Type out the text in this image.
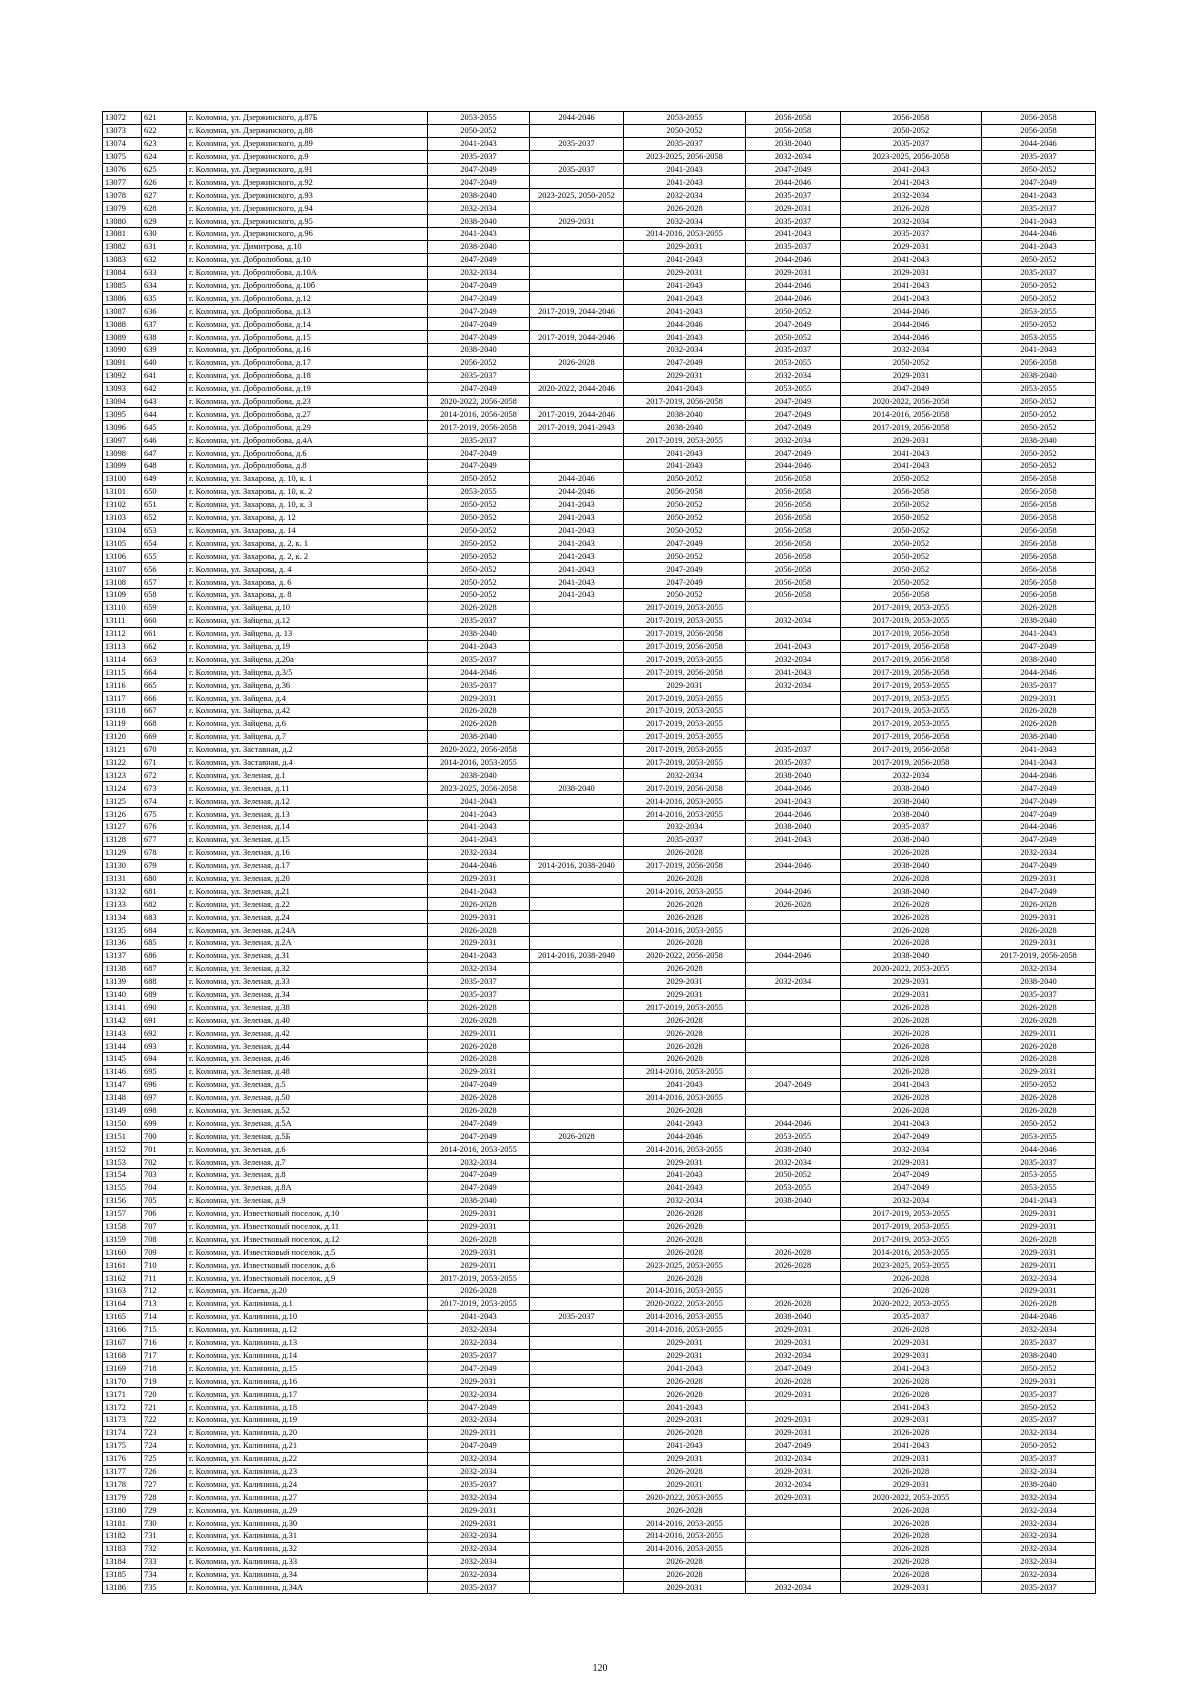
13072	621	г. Коломна, ул. Дзержинского, д.87Б	2053-2055	2044-2046	2053-2055	2056-2058	2056-2058	2056-2058
13073	622	г. Коломна, ул. Дзержинского, д.88	2050-2052		2050-2052	2056-2058	2050-2052	2056-2058
13074	623	г. Коломна, ул. Дзержинского, д.89	2041-2043	2035-2037	2035-2037	2038-2040	2035-2037	2044-2046
13075	624	г. Коломна, ул. Дзержинского, д.9	2035-2037		2023-2025, 2056-2058	2032-2034	2023-2025, 2056-2058	2035-2037
13076	625	г. Коломна, ул. Дзержинского, д.91	2047-2049	2035-2037	2041-2043	2047-2049	2041-2043	2050-2052
13077	626	г. Коломна, ул. Дзержинского, д.92	2047-2049		2041-2043	2044-2046	2041-2043	2047-2049
13078	627	г. Коломна, ул. Дзержинского, д.93	2038-2040	2023-2025, 2050-2052	2032-2034	2035-2037	2032-2034	2041-2043
13079	628	г. Коломна, ул. Дзержинского, д.94	2032-2034		2026-2028	2029-2031	2026-2028	2035-2037
13080	629	г. Коломна, ул. Дзержинского, д.95	2038-2040	2029-2031	2032-2034	2035-2037	2032-2034	2041-2043
13081	630	г. Коломна, ул. Дзержинского, д.96	2041-2043		2014-2016, 2053-2055	2041-2043	2035-2037	2044-2046
13082	631	г. Коломна, ул. Димитрова, д.10	2038-2040		2029-2031	2035-2037	2029-2031	2041-2043
13083	632	г. Коломна, ул. Добролюбова, д.10	2047-2049		2041-2043	2044-2046	2041-2043	2050-2052
13084	633	г. Коломна, ул. Добролюбова, д.10А	2032-2034		2029-2031	2029-2031	2029-2031	2035-2037
13085	634	г. Коломна, ул. Добролюбова, д.10б	2047-2049		2041-2043	2044-2046	2041-2043	2050-2052
13086	635	г. Коломна, ул. Добролюбова, д.12	2047-2049		2041-2043	2044-2046	2041-2043	2050-2052
13087	636	г. Коломна, ул. Добролюбова, д.13	2047-2049	2017-2019, 2044-2046	2041-2043	2050-2052	2044-2046	2053-2055
13088	637	г. Коломна, ул. Добролюбова, д.14	2047-2049		2044-2046	2047-2049	2044-2046	2050-2052
13089	638	г. Коломна, ул. Добролюбова, д.15	2047-2049	2017-2019, 2044-2046	2041-2043	2050-2052	2044-2046	2053-2055
13090	639	г. Коломна, ул. Добролюбова, д.16	2038-2040		2032-2034	2035-2037	2032-2034	2041-2043
13091	640	г. Коломна, ул. Добролюбова, д.17	2056-2052	2026-2028	2047-2049	2053-2055	2050-2052	2056-2058
13092	641	г. Коломна, ул. Добролюбова, д.18	2035-2037		2029-2031	2032-2034	2029-2031	2038-2040
13093	642	г. Коломна, ул. Добролюбова, д.19	2047-2049	2020-2022, 2044-2046	2041-2043	2053-2055	2047-2049	2053-2055
13094	643	г. Коломна, ул. Добролюбова, д.23	2020-2022, 2056-2058		2017-2019, 2056-2058	2047-2049	2020-2022, 2056-2058	2050-2052
13095	644	г. Коломна, ул. Добролюбова, д.27	2014-2016, 2056-2058	2017-2019, 2044-2046	2038-2040	2047-2049	2014-2016, 2056-2058	2050-2052
13096	645	г. Коломна, ул. Добролюбова, д.29	2017-2019, 2056-2058	2017-2019, 2041-2043	2038-2040	2047-2049	2017-2019, 2056-2058	2050-2052
13097	646	г. Коломна, ул. Добролюбова, д.4А	2035-2037		2017-2019, 2053-2055	2032-2034	2029-2031	2038-2040
13098	647	г. Коломна, ул. Добролюбова, д.6	2047-2049		2041-2043	2047-2049	2041-2043	2050-2052
13099	648	г. Коломна, ул. Добролюбова, д.8	2047-2049		2041-2043	2044-2046	2041-2043	2050-2052
13100	649	г. Коломна, ул. Захарова, д. 10, к. 1	2050-2052	2044-2046	2050-2052	2056-2058	2050-2052	2056-2058
13101	650	г. Коломна, ул. Захарова, д. 10, к. 2	2053-2055	2044-2046	2056-2058	2056-2058	2056-2058	2056-2058
13102	651	г. Коломна, ул. Захарова, д. 10, к. 3	2050-2052	2041-2043	2050-2052	2056-2058	2050-2052	2056-2058
13103	652	г. Коломна, ул. Захарова, д. 12	2050-2052	2041-2043	2050-2052	2056-2058	2050-2052	2056-2058
13104	653	г. Коломна, ул. Захарова, д. 14	2050-2052	2041-2043	2050-2052	2056-2058	2050-2052	2056-2058
13105	654	г. Коломна, ул. Захарова, д. 2, к. 1	2050-2052	2041-2043	2047-2049	2056-2058	2050-2052	2056-2058
13106	655	г. Коломна, ул. Захарова, д. 2, к. 2	2050-2052	2041-2043	2050-2052	2056-2058	2050-2052	2056-2058
13107	656	г. Коломна, ул. Захарова, д. 4	2050-2052	2041-2043	2047-2049	2056-2058	2050-2052	2056-2058
13108	657	г. Коломна, ул. Захарова, д. 6	2050-2052	2041-2043	2047-2049	2056-2058	2050-2052	2056-2058
13109	658	г. Коломна, ул. Захарова, д. 8	2050-2052	2041-2043	2050-2052	2056-2058	2056-2058	2056-2058
13110	659	г. Коломна, ул. Зайцева, д.10	2026-2028		2017-2019, 2053-2055		2017-2019, 2053-2055	2026-2028
13111	660	г. Коломна, ул. Зайцева, д.12	2035-2037		2017-2019, 2053-2055	2032-2034	2017-2019, 2053-2055	2038-2040
13112	661	г. Коломна, ул. Зайцева, д. 13	2038-2040		2017-2019, 2056-2058		2017-2019, 2056-2058	2041-2043
13113	662	г. Коломна, ул. Зайцева, д.19	2041-2043		2017-2019, 2056-2058	2041-2043	2017-2019, 2056-2058	2047-2049
13114	663	г. Коломна, ул. Зайцева, д.20а	2035-2037		2017-2019, 2053-2055	2032-2034	2017-2019, 2056-2058	2038-2040
13115	664	г. Коломна, ул. Зайцева, д.3/5	2044-2046		2017-2019, 2056-2058	2041-2043	2017-2019, 2056-2058	2044-2046
13116	665	г. Коломна, ул. Зайцева, д.36	2035-2037		2029-2031	2032-2034	2017-2019, 2053-2055	2035-2037
13117	666	г. Коломна, ул. Зайцева, д.4	2029-2031		2017-2019, 2053-2055		2017-2019, 2053-2055	2029-2031
13118	667	г. Коломна, ул. Зайцева, д.42	2026-2028		2017-2019, 2053-2055		2017-2019, 2053-2055	2026-2028
13119	668	г. Коломна, ул. Зайцева, д.6	2026-2028		2017-2019, 2053-2055		2017-2019, 2053-2055	2026-2028
13120	669	г. Коломна, ул. Зайцева, д.7	2038-2040		2017-2019, 2053-2055		2017-2019, 2056-2058	2038-2040
13121	670	г. Коломна, ул. Заставная, д.2	2020-2022, 2056-2058		2017-2019, 2053-2055	2035-2037	2017-2019, 2056-2058	2041-2043
13122	671	г. Коломна, ул. Заставная, д.4	2014-2016, 2053-2055		2017-2019, 2053-2055	2035-2037	2017-2019, 2056-2058	2041-2043
13123	672	г. Коломна, ул. Зеленая, д.1	2038-2040		2032-2034	2038-2040	2032-2034	2044-2046
13124	673	г. Коломна, ул. Зеленая, д.11	2023-2025, 2056-2058	2038-2040	2017-2019, 2056-2058	2044-2046	2038-2040	2047-2049
13125	674	г. Коломна, ул. Зеленая, д.12	2041-2043		2014-2016, 2053-2055	2041-2043	2038-2040	2047-2049
13126	675	г. Коломна, ул. Зеленая, д.13	2041-2043		2014-2016, 2053-2055	2044-2046	2038-2040	2047-2049
13127	676	г. Коломна, ул. Зеленая, д.14	2041-2043		2032-2034	2038-2040	2035-2037	2044-2046
13128	677	г. Коломна, ул. Зеленая, д.15	2041-2043		2035-2037	2041-2043	2038-2040	2047-2049
13129	678	г. Коломна, ул. Зеленая, д.16	2032-2034		2026-2028		2026-2028	2032-2034
13130	679	г. Коломна, ул. Зеленая, д.17	2044-2046	2014-2016, 2038-2040	2017-2019, 2056-2058	2044-2046	2038-2040	2047-2049
13131	680	г. Коломна, ул. Зеленая, д.20	2029-2031		2026-2028		2026-2028	2029-2031
13132	681	г. Коломна, ул. Зеленая, д.21	2041-2043		2014-2016, 2053-2055	2044-2046	2038-2040	2047-2049
13133	682	г. Коломна, ул. Зеленая, д.22	2026-2028		2026-2028	2026-2028	2026-2028	2026-2028
13134	683	г. Коломна, ул. Зеленая, д.24	2029-2031		2026-2028		2026-2028	2029-2031
13135	684	г. Коломна, ул. Зеленая, д.24А	2026-2028		2014-2016, 2053-2055		2026-2028	2026-2028
13136	685	г. Коломна, ул. Зеленая, д.2А	2029-2031		2026-2028		2026-2028	2029-2031
13137	686	г. Коломна, ул. Зеленая, д.31	2041-2043	2014-2016, 2038-2040	2020-2022, 2056-2058	2044-2046	2038-2040	2017-2019, 2056-2058
13138	687	г. Коломна, ул. Зеленая, д.32	2032-2034		2026-2028		2020-2022, 2053-2055	2032-2034
13139	688	г. Коломна, ул. Зеленая, д.33	2035-2037		2029-2031	2032-2034	2029-2031	2038-2040
13140	689	г. Коломна, ул. Зеленая, д.34	2035-2037		2029-2031		2029-2031	2035-2037
13141	690	г. Коломна, ул. Зеленая, д.38	2026-2028		2017-2019, 2053-2055		2026-2028	2026-2028
13142	691	г. Коломна, ул. Зеленая, д.40	2026-2028		2026-2028		2026-2028	2026-2028
13143	692	г. Коломна, ул. Зеленая, д.42	2029-2031		2026-2028		2026-2028	2029-2031
13144	693	г. Коломна, ул. Зеленая, д.44	2026-2028		2026-2028		2026-2028	2026-2028
13145	694	г. Коломна, ул. Зеленая, д.46	2026-2028		2026-2028		2026-2028	2026-2028
13146	695	г. Коломна, ул. Зеленая, д.48	2029-2031		2014-2016, 2053-2055		2026-2028	2029-2031
13147	696	г. Коломна, ул. Зеленая, д.5	2047-2049		2041-2043	2047-2049	2041-2043	2050-2052
13148	697	г. Коломна, ул. Зеленая, д.50	2026-2028		2014-2016, 2053-2055		2026-2028	2026-2028
13149	698	г. Коломна, ул. Зеленая, д.52	2026-2028		2026-2028		2026-2028	2026-2028
13150	699	г. Коломна, ул. Зеленая, д.5А	2047-2049		2041-2043	2044-2046	2041-2043	2050-2052
13151	700	г. Коломна, ул. Зеленая, д.5Б	2047-2049	2026-2028	2044-2046	2053-2055	2047-2049	2053-2055
13152	701	г. Коломна, ул. Зеленая, д.6	2014-2016, 2053-2055		2014-2016, 2053-2055	2038-2040	2032-2034	2044-2046
13153	702	г. Коломна, ул. Зеленая, д.7	2032-2034		2029-2031	2032-2034	2029-2031	2035-2037
13154	703	г. Коломна, ул. Зеленая, д.8	2047-2049		2041-2043	2050-2052	2047-2049	2053-2055
13155	704	г. Коломна, ул. Зеленая, д.8А	2047-2049		2041-2043	2053-2055	2047-2049	2053-2055
13156	705	г. Коломна, ул. Зеленая, д.9	2038-2040		2032-2034	2038-2040	2032-2034	2041-2043
13157	706	г. Коломна, ул. Известковый поселок, д.10	2029-2031		2026-2028		2017-2019, 2053-2055	2029-2031
13158	707	г. Коломна, ул. Известковый поселок, д.11	2029-2031		2026-2028		2017-2019, 2053-2055	2029-2031
13159	708	г. Коломна, ул. Известковый поселок, д.12	2026-2028		2026-2028		2017-2019, 2053-2055	2026-2028
13160	709	г. Коломна, ул. Известковый поселок, д.5	2029-2031		2026-2028	2026-2028	2014-2016, 2053-2055	2029-2031
13161	710	г. Коломна, ул. Известковый поселок, д.6	2029-2031		2023-2025, 2053-2055	2026-2028	2023-2025, 2053-2055	2029-2031
13162	711	г. Коломна, ул. Известковый поселок, д.9	2017-2019, 2053-2055		2026-2028		2026-2028	2032-2034
13163	712	г. Коломна, ул. Исаева, д.20	2026-2028		2014-2016, 2053-2055		2026-2028	2029-2031
13164	713	г. Коломна, ул. Калинина, д.1	2017-2019, 2053-2055		2020-2022, 2053-2055	2026-2028	2020-2022, 2053-2055	2026-2028
13165	714	г. Коломна, ул. Калинина, д.10	2041-2043	2035-2037	2014-2016, 2053-2055	2038-2040	2035-2037	2044-2046
13166	715	г. Коломна, ул. Калинина, д.12	2032-2034		2014-2016, 2053-2055	2029-2031	2026-2028	2032-2034
13167	716	г. Коломна, ул. Калинина, д.13	2032-2034		2029-2031	2029-2031	2029-2031	2035-2037
13168	717	г. Коломна, ул. Калинина, д.14	2035-2037		2029-2031	2032-2034	2029-2031	2038-2040
13169	718	г. Коломна, ул. Калинина, д.15	2047-2049		2041-2043	2047-2049	2041-2043	2050-2052
13170	719	г. Коломна, ул. Калинина, д.16	2029-2031		2026-2028	2026-2028	2026-2028	2029-2031
13171	720	г. Коломна, ул. Калинина, д.17	2032-2034		2026-2028	2029-2031	2026-2028	2035-2037
13172	721	г. Коломна, ул. Калинина, д.18	2047-2049		2041-2043		2041-2043	2050-2052
13173	722	г. Коломна, ул. Калинина, д.19	2032-2034		2029-2031	2029-2031	2029-2031	2035-2037
13174	723	г. Коломна, ул. Калинина, д.20	2029-2031		2026-2028	2029-2031	2026-2028	2032-2034
13175	724	г. Коломна, ул. Калинина, д.21	2047-2049		2041-2043	2047-2049	2041-2043	2050-2052
13176	725	г. Коломна, ул. Калинина, д.22	2032-2034		2029-2031	2032-2034	2029-2031	2035-2037
13177	726	г. Коломна, ул. Калинина, д.23	2032-2034		2026-2028	2029-2031	2026-2028	2032-2034
13178	727	г. Коломна, ул. Калинина, д.24	2035-2037		2029-2031	2032-2034	2029-2031	2038-2040
13179	728	г. Коломна, ул. Калинина, д.27	2032-2034		2020-2022, 2053-2055	2029-2031	2020-2022, 2053-2055	2032-2034
13180	729	г. Коломна, ул. Калинина, д.29	2029-2031		2026-2028		2026-2028	2032-2034
13181	730	г. Коломна, ул. Калинина, д.30	2029-2031		2014-2016, 2053-2055		2026-2028	2032-2034
13182	731	г. Коломна, ул. Калинина, д.31	2032-2034		2014-2016, 2053-2055		2026-2028	2032-2034
13183	732	г. Коломна, ул. Калинина, д.32	2032-2034		2014-2016, 2053-2055		2026-2028	2032-2034
13184	733	г. Коломна, ул. Калинина, д.33	2032-2034		2026-2028		2026-2028	2032-2034
13185	734	г. Коломна, ул. Калинина, д.34	2032-2034		2026-2028		2026-2028	2032-2034
13186	735	г. Коломна, ул. Калинина, д.34А	2035-2037		2029-2031	2032-2034	2029-2031	2035-2037
120
